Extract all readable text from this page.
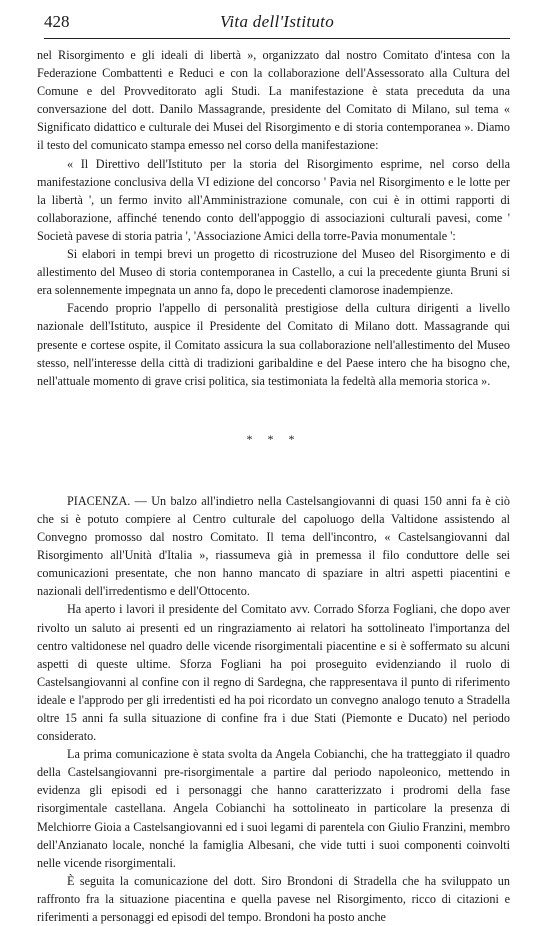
428	Vita dell'Istituto

nel Risorgimento e gli ideali di libertà », organizzato dal nostro Comitato d'intesa con la Federazione Combattenti e Reduci e con la collaborazione dell'Assessorato alla Cultura del Comune e del Provveditorato agli Studi. La manifestazione è stata preceduta da una conversazione del dott. Danilo Massagrande, presidente del Comitato di Milano, sul tema « Significato didattico e culturale dei Musei del Risorgimento e di storia contemporanea ». Diamo il testo del comunicato stampa emesso nel corso della manifestazione:

« Il Direttivo dell'Istituto per la storia del Risorgimento esprime, nel corso della manifestazione conclusiva della VI edizione del concorso ' Pavia nel Risorgimento e le lotte per la libertà ', un fermo invito all'Amministrazione comunale, con cui è in ottimi rapporti di collaborazione, affinché tenendo conto dell'appoggio di associazioni culturali pavesi, come ' Società pavese di storia patria ', 'Associazione Amici della torre-Pavia monumentale ':

Si elabori in tempi brevi un progetto di ricostruzione del Museo del Risorgimento e di allestimento del Museo di storia contemporanea in Castello, a cui la precedente giunta Bruni si era solennemente impegnata un anno fa, dopo le precedenti clamorose inadempienze.

Facendo proprio l'appello di personalità prestigiose della cultura dirigenti a livello nazionale dell'Istituto, auspice il Presidente del Comitato di Milano dott. Massagrande qui presente e cortese ospite, il Comitato assicura la sua collaborazione nell'allestimento del Museo stesso, nell'interesse della città di tradizioni garibaldine e del Paese intero che ha bisogno che, nell'attuale momento di grave crisi politica, sia testimoniata la fedeltà alla memoria storica ».

* * *

PIACENZA. — Un balzo all'indietro nella Castelsangiovanni di quasi 150 anni fa è ciò che si è potuto compiere al Centro culturale del capoluogo della Valtidone assistendo al Convegno promosso dal nostro Comitato. Il tema dell'incontro, « Castelsangiovanni dal Risorgimento all'Unità d'Italia », riassumeva già in premessa il filo conduttore delle sei comunicazioni presentate, che non hanno mancato di spaziare in altri aspetti piacentini e nazionali dell'irredentismo e dell'Ottocento.

Ha aperto i lavori il presidente del Comitato avv. Corrado Sforza Fogliani, che dopo aver rivolto un saluto ai presenti ed un ringraziamento ai relatori ha sottolineato l'importanza del centro valtidonese nel quadro delle vicende risorgimentali piacentine e si è soffermato su alcuni aspetti di queste ultime. Sforza Fogliani ha poi proseguito evidenziando il ruolo di Castelsangiovanni al confine con il regno di Sardegna, che rappresentava il punto di riferimento ideale e l'approdo per gli irredentisti ed ha poi ricordato un convegno analogo tenuto a Stradella oltre 15 anni fa sulla situazione di confine fra i due Stati (Piemonte e Ducato) nel periodo considerato.

La prima comunicazione è stata svolta da Angela Cobianchi, che ha tratteggiato il quadro della Castelsangiovanni pre-risorgimentale a partire dal periodo napoleonico, mettendo in evidenza gli episodi ed i personaggi che hanno caratterizzato i prodromi della fase risorgimentale castellana. Angela Cobianchi ha sottolineato in particolare la presenza di Melchiorre Gioia a Castelsangiovanni ed i suoi legami di parentela con Giulio Franzini, membro dell'Anzianato locale, nonché la famiglia Albesani, che vide tutti i suoi componenti coinvolti nelle vicende risorgimentali.

È seguita la comunicazione del dott. Siro Brondoni di Stradella che ha sviluppato un raffronto fra la situazione piacentina e quella pavese nel Risorgimento, ricco di citazioni e riferimenti a personaggi ed episodi del tempo. Brondoni ha posto anche
